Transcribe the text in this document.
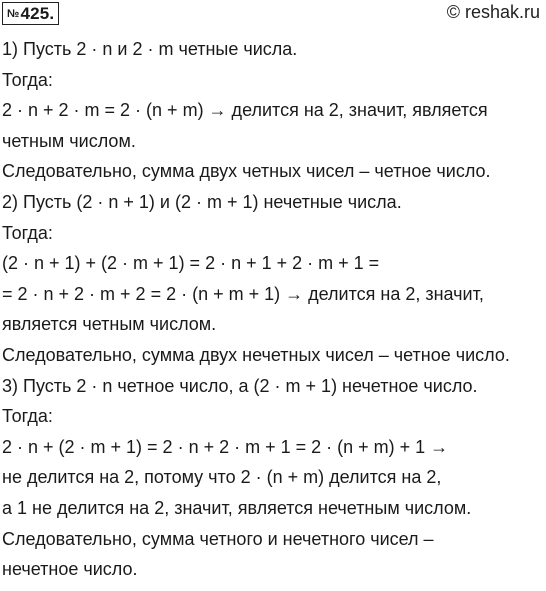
№425.	© reshak.ru
1) Пусть 2 · n и 2 · m четные числа.
Тогда:
2 · n + 2 · m = 2 · (n + m) → делится на 2, значит, является
четным числом.
Следовательно, сумма двух четных чисел – четное число.
2) Пусть (2 · n + 1) и (2 · m + 1) нечетные числа.
Тогда:
(2 · n + 1) + (2 · m + 1) = 2 · n + 1 + 2 · m + 1 =
= 2 · n + 2 · m + 2 = 2 · (n + m + 1) → делится на 2, значит,
является четным числом.
Следовательно, сумма двух нечетных чисел – четное число.
3) Пусть 2 · n четное число, а (2 · m + 1) нечетное число.
Тогда:
2 · n + (2 · m + 1) = 2 · n + 2 · m + 1 = 2 · (n + m) + 1 →
не делится на 2, потому что 2 · (n + m) делится на 2,
а 1 не делится на 2, значит, является нечетным числом.
Следовательно, сумма четного и нечетного чисел –
нечетное число.
